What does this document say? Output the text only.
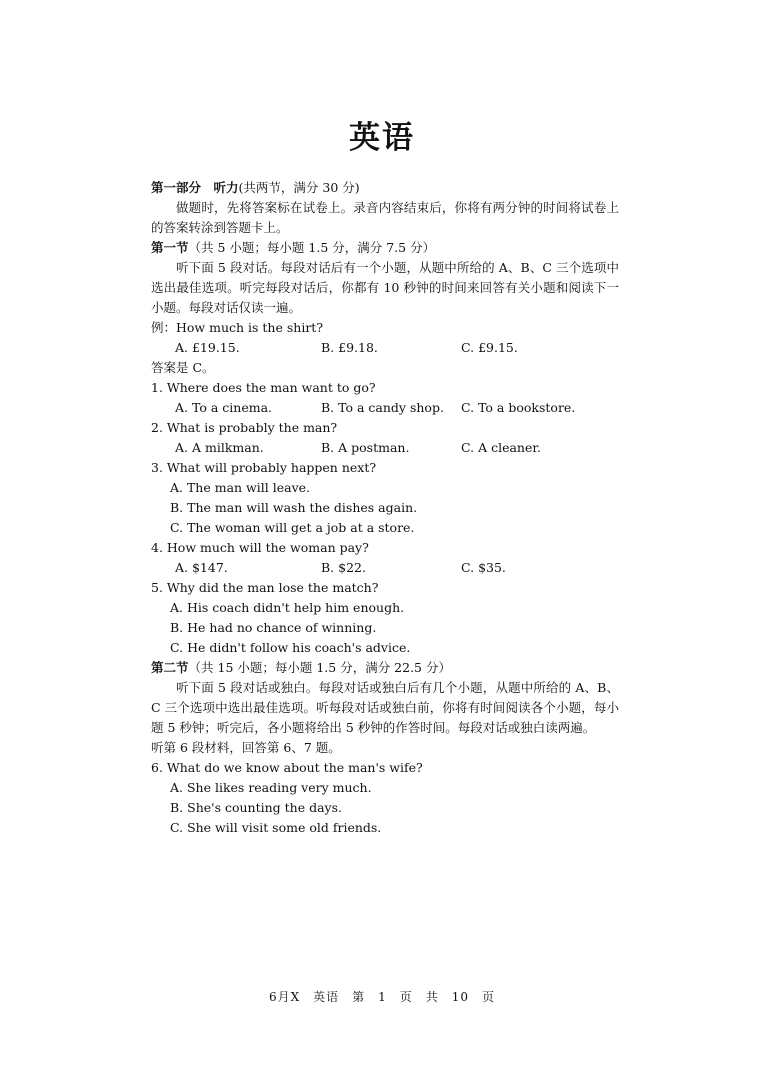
英语
第一部分　听力(共两节，满分 30 分)
做题时，先将答案标在试卷上。录音内容结束后，你将有两分钟的时间将试卷上的答案转涂到答题卡上。
第一节（共 5 小题；每小题 1.5 分，满分 7.5 分）
听下面 5 段对话。每段对话后有一个小题，从题中所给的 A、B、C 三个选项中选出最佳选项。听完每段对话后，你都有 10 秒钟的时间来回答有关小题和阅读下一小题。每段对话仅读一遍。
例：How much is the shirt?
A. £19.15.	B. £9.18.	C. £9.15.
答案是 C。
1. Where does the man want to go?
A. To a cinema.	B. To a candy shop. C. To a bookstore.
2. What is probably the man?
A. A milkman.	B. A postman.	C. A cleaner.
3. What will probably happen next?
A. The man will leave.
B. The man will wash the dishes again.
C. The woman will get a job at a store.
4. How much will the woman pay?
A. $147.	B. $22.	C. $35.
5. Why did the man lose the match?
A. His coach didn't help him enough.
B. He had no chance of winning.
C. He didn't follow his coach's advice.
第二节（共 15 小题；每小题 1.5 分，满分 22.5 分）
听下面 5 段对话或独白。每段对话或独白后有几个小题，从题中所给的 A、B、C 三个选项中选出最佳选项。听每段对话或独白前，你将有时间阅读各个小题，每小题 5 秒钟；听完后，各小题将给出 5 秒钟的作答时间。每段对话或独白读两遍。
听第 6 段材料，回答第 6、7 题。
6. What do we know about the man's wife?
A. She likes reading very much.
B. She's counting the days.
C. She will visit some old friends.
6月X　英语　第　1　页　共　10　页
